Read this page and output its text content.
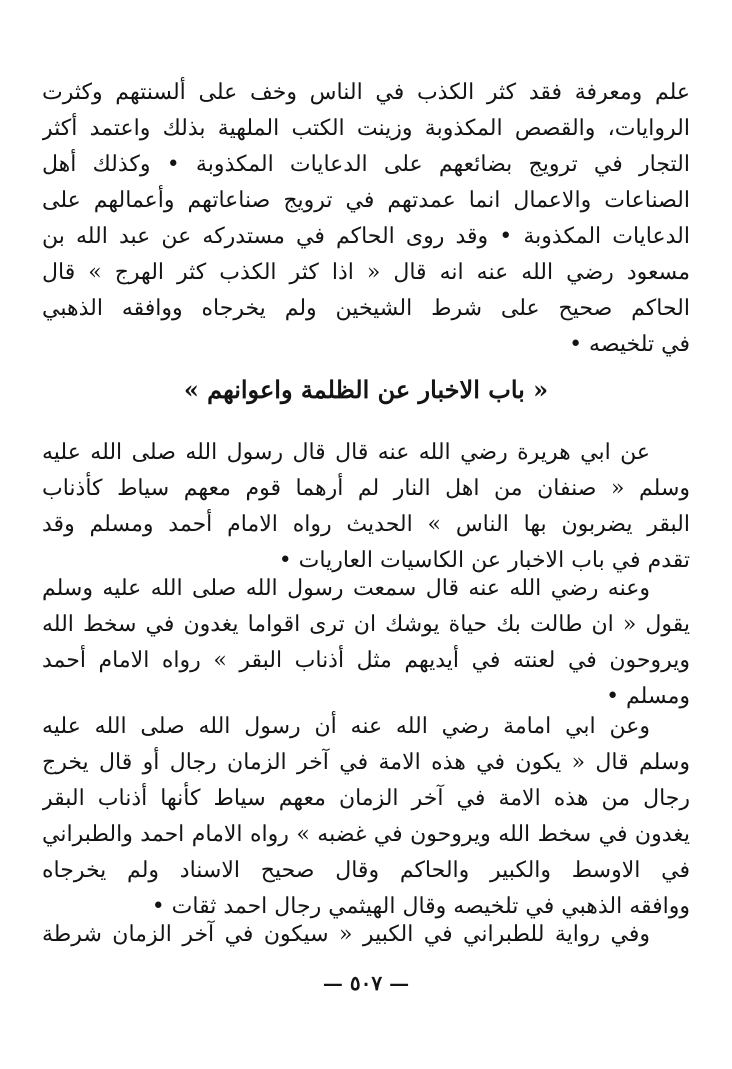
علم ومعرفة فقد كثر الكذب في الناس وخف على ألسنتهم وكثرت
الروايات، والقصص المكذوبة وزينت الكتب الملهية بذلك واعتمد أكثر
التجار في ترويج بضائعهم على الدعايات المكذوبة • وكذلك أهل
الصناعات والاعمال انما عمدتهم في ترويج صناعاتهم وأعمالهم على
الدعايات المكذوبة • وقد روى الحاكم في مستدركه عن عبد الله بن
مسعود رضي الله عنه انه قال « اذا كثر الكذب كثر الهرج » قال
الحاكم صحيح على شرط الشيخين ولم يخرجاه ووافقه الذهبي
في تلخيصه •
« باب الاخبار عن الظلمة واعوانهم »
عن ابي هريرة رضي الله عنه قال قال رسول الله صلى الله عليه
وسلم « صنفان من اهل النار لم أرهما قوم معهم سياط كأذناب
البقر يضربون بها الناس » الحديث رواه الامام أحمد ومسلم وقد
تقدم في باب الاخبار عن الكاسيات العاريات •
وعنه رضي الله عنه قال سمعت رسول الله صلى الله عليه وسلم
يقول « ان طالت بك حياة يوشك ان ترى اقواما يغدون في سخط الله
ويروحون في لعنته في أيديهم مثل أذناب البقر » رواه الامام أحمد
ومسلم •
وعن ابي امامة رضي الله عنه أن رسول الله صلى الله عليه
وسلم قال « يكون في هذه الامة في آخر الزمان رجال أو قال يخرج
رجال من هذه الامة في آخر الزمان معهم سياط كأنها أذناب البقر
يغدون في سخط الله ويروحون في غضبه » رواه الامام احمد والطبراني
في الاوسط والكبير والحاكم وقال صحيح الاسناد ولم يخرجاه
ووافقه الذهبي في تلخيصه وقال الهيثمي رجال احمد ثقات •
وفي رواية للطبراني في الكبير « سيكون في آخر الزمان شرطة
— ٥٠٧ —
